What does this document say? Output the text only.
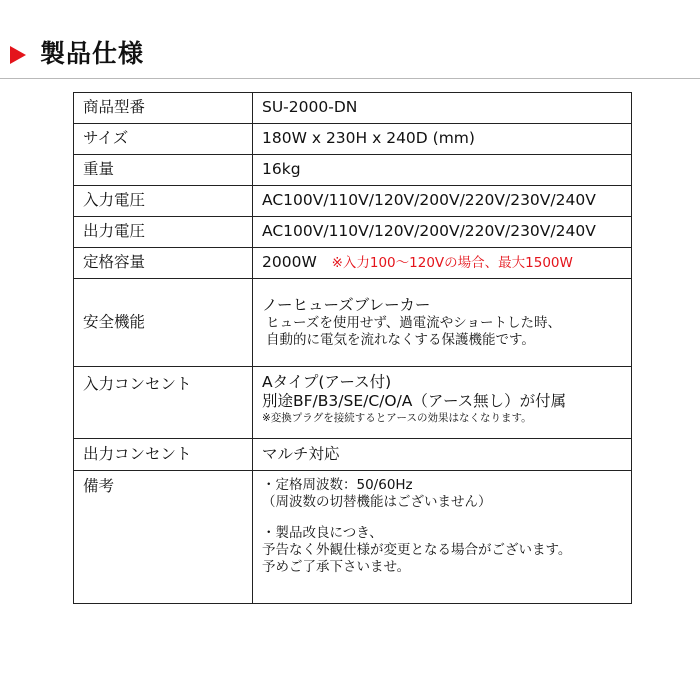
製品仕様
商品型番	SU-2000-DN
サイズ	180W x 230H x 240D (mm)
重量	16kg
入力電圧	AC100V/110V/120V/200V/220V/230V/240V
出力電圧	AC100V/110V/120V/200V/220V/230V/240V
定格容量	2000W ※入力100～120Vの場合、最大1500W
安全機能	ノーヒューズブレーカー
ヒューズを使用せず、過電流やショートした時、
自動的に電気を流れなくする保護機能です。

入力コンセント	Aタイプ(アース付)
別途BF/B3/SE/C/O/A（アース無し）が付属
※変換プラグを接続するとアースの効果はなくなります。

出力コンセント	マルチ対応
備考	・定格周波数：50/60Hz
（周波数の切替機能はございません）
・製品改良につき、
予告なく外観仕様が変更となる場合がございます。
予めご了承下さいませ。
